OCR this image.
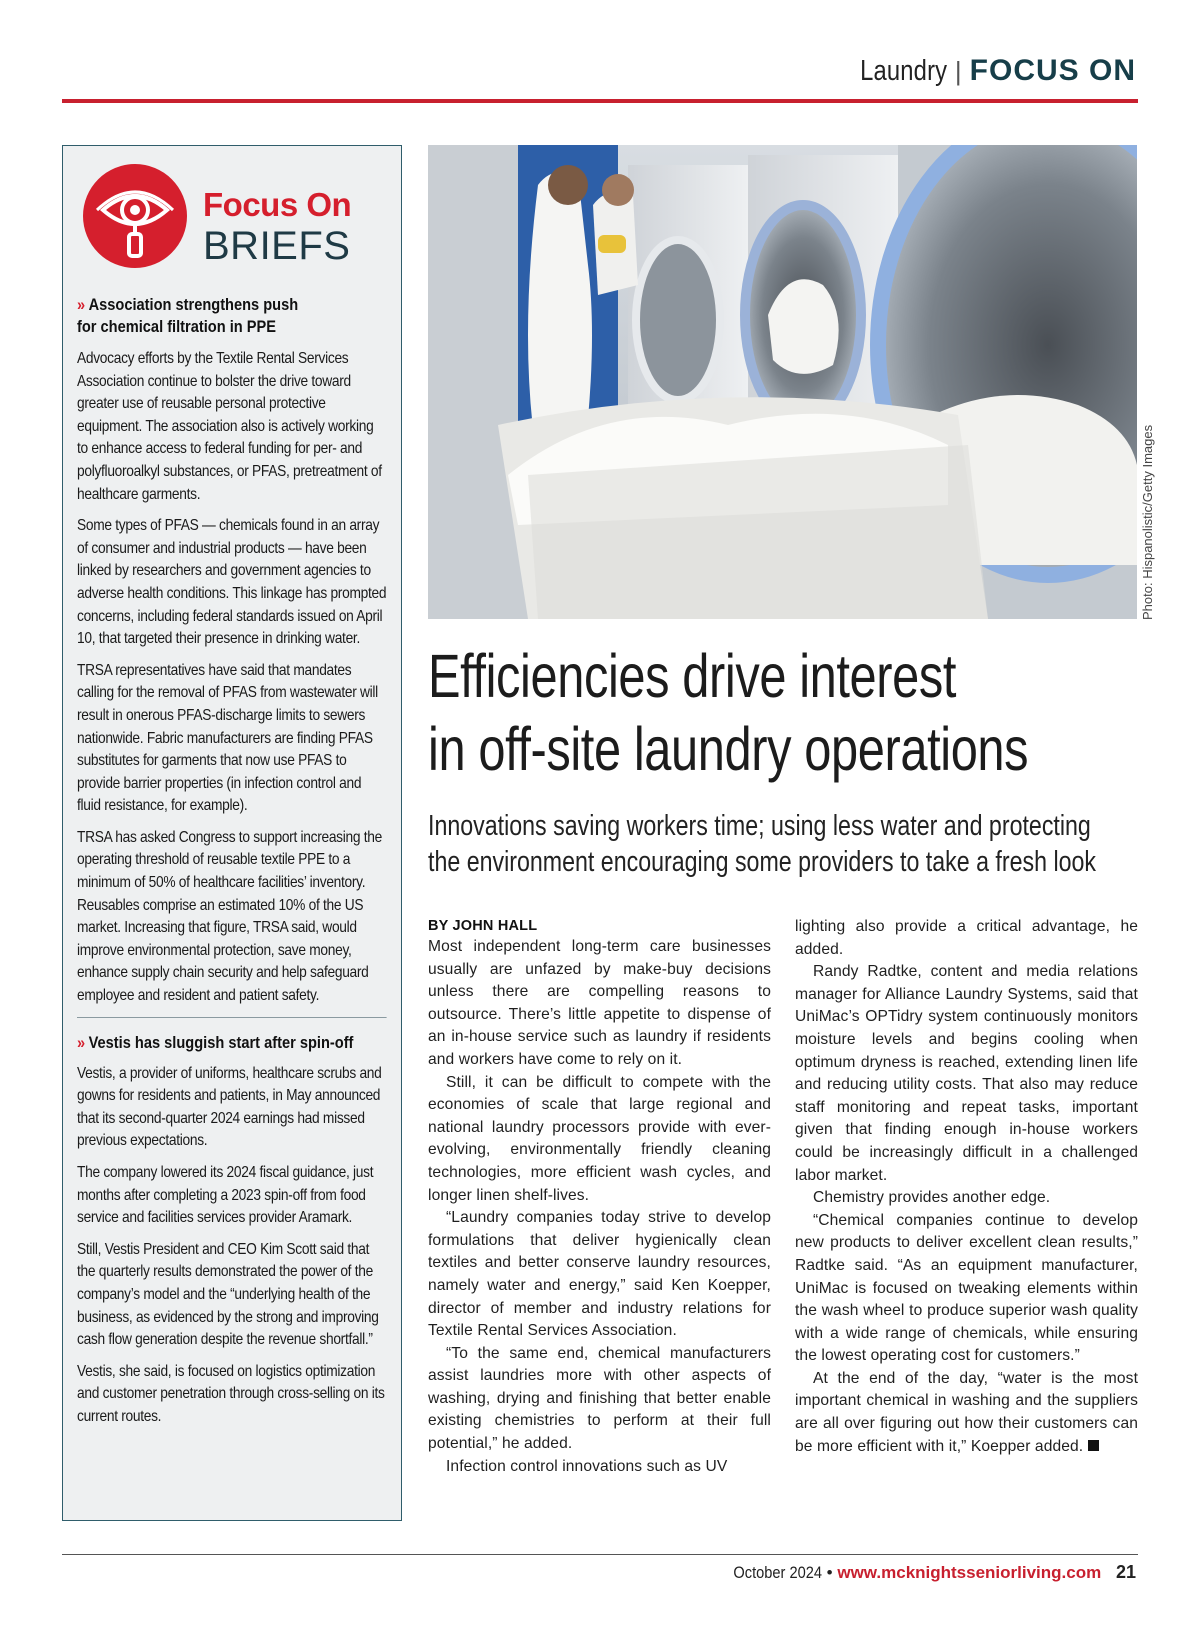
Laundry | FOCUS ON
Focus On
BRIEFS

» Association strengthens push
for chemical filtration in PPE

Advocacy efforts by the Textile Rental Services Association continue to bolster the drive toward greater use of reusable personal protective equipment. The association also is actively working to enhance access to federal funding for per- and polyfluoroalkyl substances, or PFAS, pretreatment of healthcare garments.

Some types of PFAS — chemicals found in an array of consumer and industrial products — have been linked by researchers and government agencies to adverse health conditions. This linkage has prompted concerns, including federal standards issued on April 10, that targeted their presence in drinking water.

TRSA representatives have said that mandates calling for the removal of PFAS from wastewater will result in onerous PFAS-discharge limits to sewers nationwide. Fabric manufacturers are finding PFAS substitutes for garments that now use PFAS to provide barrier properties (in infection control and fluid resistance, for example).

TRSA has asked Congress to support increasing the operating threshold of reusable textile PPE to a minimum of 50% of healthcare facilities’ inventory. Reusables comprise an estimated 10% of the US market. Increasing that figure, TRSA said, would improve environmental protection, save money, enhance supply chain security and help safeguard employee and resident and patient safety.

» Vestis has sluggish start after spin-off

Vestis, a provider of uniforms, healthcare scrubs and gowns for residents and patients, in May announced that its second-quarter 2024 earnings had missed previous expectations.

The company lowered its 2024 fiscal guidance, just months after completing a 2023 spin-off from food service and facilities services provider Aramark.

Still, Vestis President and CEO Kim Scott said that the quarterly results demonstrated the power of the company’s model and the “underlying health of the business, as evidenced by the strong and improving cash flow generation despite the revenue shortfall.”

Vestis, she said, is focused on logistics optimization and customer penetration through cross-selling on its current routes.

Photo: Hispanolistic/Getty Images
Efficiencies drive interest
in off-site laundry operations

Innovations saving workers time; using less water and protecting
the environment encouraging some providers to take a fresh look

BY JOHN HALL

Most independent long-term care businesses usually are unfazed by make-buy decisions unless there are compelling reasons to outsource. There’s little appetite to dispense of an in-house service such as laundry if residents and workers have come to rely on it.

Still, it can be difficult to compete with the economies of scale that large regional and national laundry processors provide with ever-evolving, environmentally friendly cleaning technologies, more efficient wash cycles, and longer linen shelf-lives.

“Laundry companies today strive to develop formulations that deliver hygienically clean textiles and better conserve laundry resources, namely water and energy,” said Ken Koepper, director of member and industry relations for Textile Rental Services Association.

“To the same end, chemical manufacturers assist laundries more with other aspects of washing, drying and finishing that better enable existing chemistries to perform at their full potential,” he added.

Infection control innovations such as UV

lighting also provide a critical advantage, he added.

Randy Radtke, content and media relations manager for Alliance Laundry Systems, said that UniMac’s OPTidry system continuously monitors moisture levels and begins cooling when optimum dryness is reached, extending linen life and reducing utility costs. That also may reduce staff monitoring and repeat tasks, important given that finding enough in-house workers could be increasingly difficult in a challenged labor market.

Chemistry provides another edge.

“Chemical companies continue to develop new products to deliver excellent clean results,” Radtke said. “As an equipment manufacturer, UniMac is focused on tweaking elements within the wash wheel to produce superior wash quality with a wide range of chemicals, while ensuring the lowest operating cost for customers.”

At the end of the day, “water is the most important chemical in washing and the suppliers are all over figuring out how their customers can be more efficient with it,” Koepper added.

October 2024 • www.mcknightsseniorliving.com 21
